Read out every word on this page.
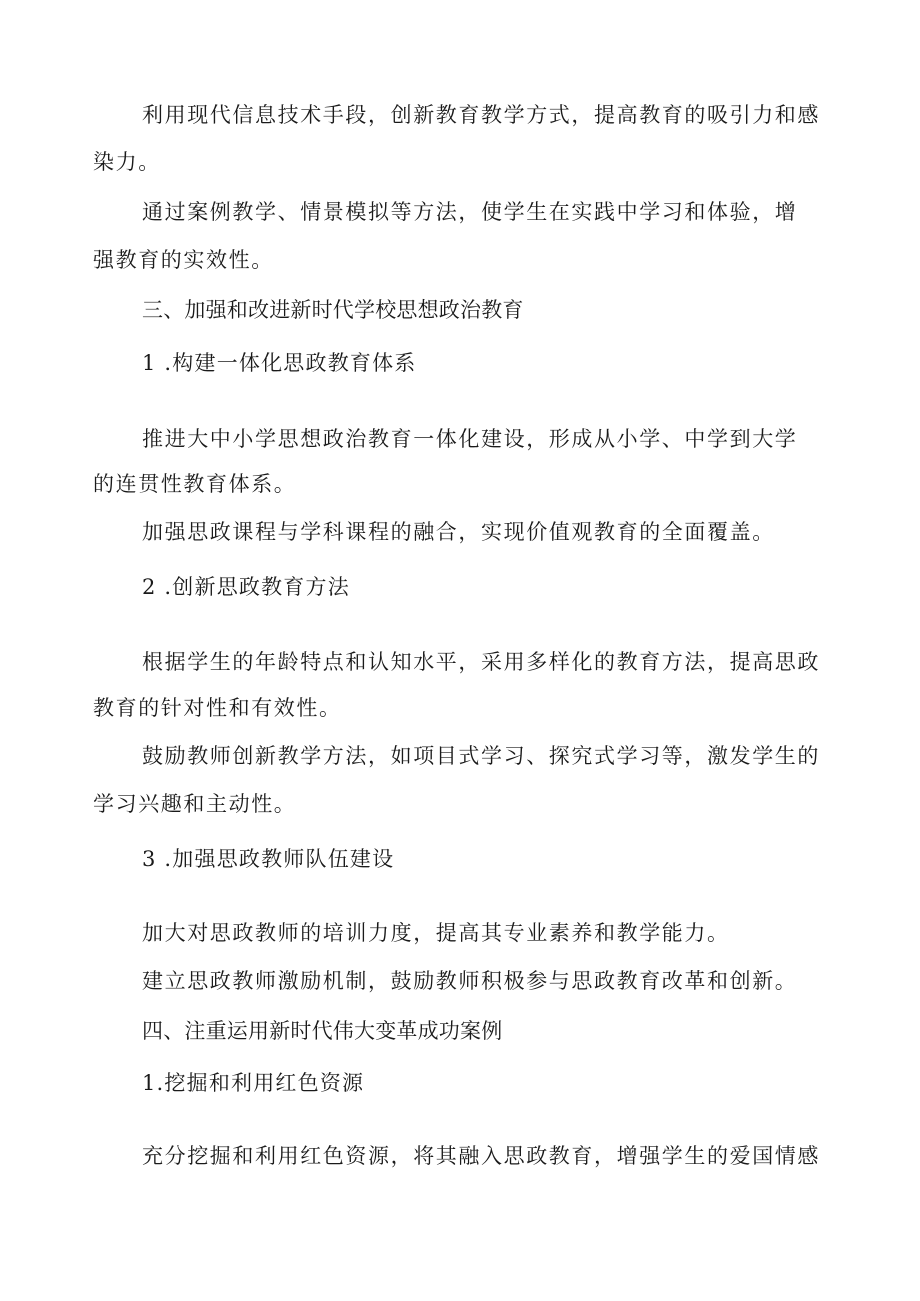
利用现代信息技术手段，创新教育教学方式，提高教育的吸引力和感
染力。
通过案例教学、情景模拟等方法，使学生在实践中学习和体验，增
强教育的实效性。
三、加强和改进新时代学校思想政治教育
1 .构建一体化思政教育体系
推进大中小学思想政治教育一体化建设，形成从小学、中学到大学
的连贯性教育体系。
加强思政课程与学科课程的融合，实现价值观教育的全面覆盖。
2 .创新思政教育方法
根据学生的年龄特点和认知水平，采用多样化的教育方法，提高思政
教育的针对性和有效性。
鼓励教师创新教学方法，如项目式学习、探究式学习等，激发学生的
学习兴趣和主动性。
3 .加强思政教师队伍建设
加大对思政教师的培训力度，提高其专业素养和教学能力。
建立思政教师激励机制，鼓励教师积极参与思政教育改革和创新。
四、注重运用新时代伟大变革成功案例
1.挖掘和利用红色资源
充分挖掘和利用红色资源，将其融入思政教育，增强学生的爱国情感
